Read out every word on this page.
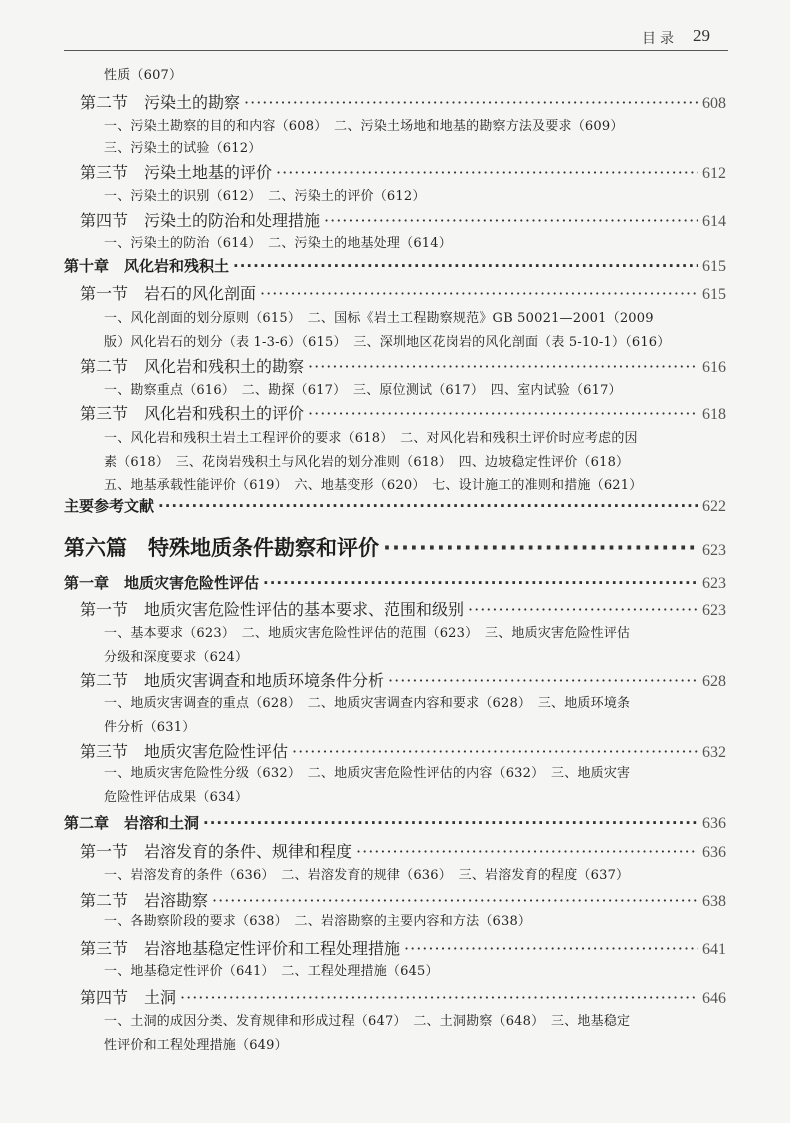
目录 29
性质（607）
第二节　污染土的勘察 ·····	608
一、污染土勘察的目的和内容（608）　二、污染土场地和地基的勘察方法及要求（609）
三、污染土的试验（612）
第三节　污染土地基的评价 ·····	612
一、污染土的识别（612）　二、污染土的评价（612）
第四节　污染土的防治和处理措施 ·····	614
一、污染土的防治（614）　二、污染土的地基处理（614）
第十章　风化岩和残积土 ·····	615
第一节　岩石的风化剖面 ·····	615
一、风化剖面的划分原则（615）　二、国标《岩土工程勘察规范》GB 50021—2001（2009
版）风化岩石的划分（表 1-3-6）（615）　三、深圳地区花岗岩的风化剖面（表 5-10-1）（616）
第二节　风化岩和残积土的勘察 ·····	616
一、勘察重点（616）　二、勘探（617）　三、原位测试（617）　四、室内试验（617）
第三节　风化岩和残积土的评价 ·····	618
一、风化岩和残积土岩土工程评价的要求（618）　二、对风化岩和残积土评价时应考虑的因
素（618）　三、花岗岩残积土与风化岩的划分准则（618）　四、边坡稳定性评价（618）
五、地基承载性能评价（619）　六、地基变形（620）　七、设计施工的准则和措施（621）
主要参考文献 ·····	622
第六篇　特殊地质条件勘察和评价 ·····	623
第一章　地质灾害危险性评估 ·····	623
第一节　地质灾害危险性评估的基本要求、范围和级别 ·····	623
一、基本要求（623）　二、地质灾害危险性评估的范围（623）　三、地质灾害危险性评估
分级和深度要求（624）
第二节　地质灾害调查和地质环境条件分析 ·····	628
一、地质灾害调查的重点（628）　二、地质灾害调查内容和要求（628）　三、地质环境条
件分析（631）
第三节　地质灾害危险性评估 ·····	632
一、地质灾害危险性分级（632）　二、地质灾害危险性评估的内容（632）　三、地质灾害
危险性评估成果（634）
第二章　岩溶和土洞 ·····	636
第一节　岩溶发育的条件、规律和程度 ·····	636
一、岩溶发育的条件（636）　二、岩溶发育的规律（636）　三、岩溶发育的程度（637）
第二节　岩溶勘察 ·····	638
一、各勘察阶段的要求（638）　二、岩溶勘察的主要内容和方法（638）
第三节　岩溶地基稳定性评价和工程处理措施 ·····	641
一、地基稳定性评价（641）　二、工程处理措施（645）
第四节　土洞 ·····	646
一、土洞的成因分类、发育规律和形成过程（647）　二、土洞勘察（648）　三、地基稳定
性评价和工程处理措施（649）
